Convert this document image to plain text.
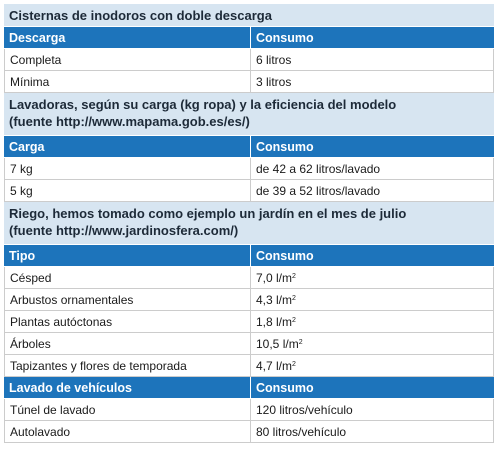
Cisternas de inodoros con doble descarga
Descarga	Consumo
Completa	6 litros
Mínima	3 litros
Lavadoras, según su carga (kg ropa) y la eficiencia del modelo
(fuente http://www.mapama.gob.es/es/)
Carga	Consumo
7 kg	de 42 a 62 litros/lavado
5 kg	de 39 a 52 litros/lavado
Riego, hemos tomado como ejemplo un jardín en el mes de julio
(fuente http://www.jardinosfera.com/)
Tipo	Consumo
Césped	7,0 $l/m^2$
Arbustos ornamentales	4,3 $l/m^2$
Plantas autóctonas	1,8 $l/m^2$
Árboles	10,5 $l/m^2$
Tapizantes y flores de temporada	4,7 $l/m^2$
Lavado de vehículos	Consumo
Túnel de lavado	120 litros/vehículo
Autolavado	80 litros/vehículo
